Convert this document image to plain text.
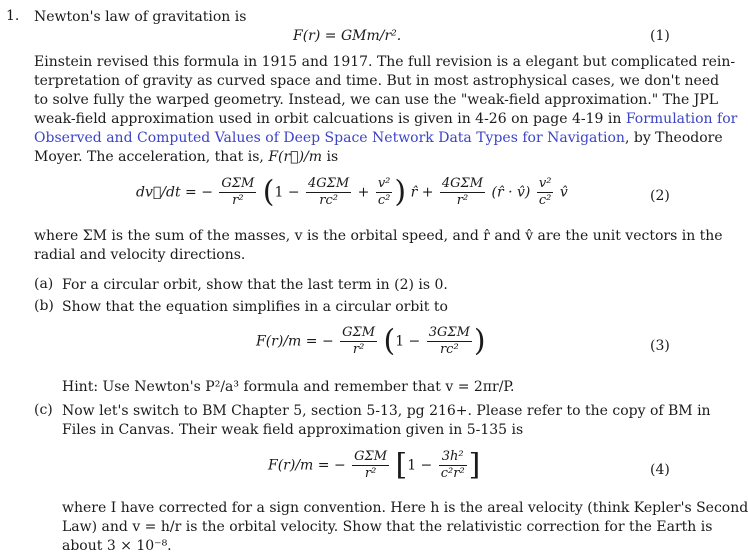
1. Newton's law of gravitation is
F(r) = GMm/r².	(1)
Einstein revised this formula in 1915 and 1917. The full revision is a elegant but complicated rein-
terpretation of gravity as curved space and time. But in most astrophysical cases, we don't need
to solve fully the warped geometry. Instead, we can use the "weak-field approximation." The JPL
weak-field approximation used in orbit calcuations is given in 4-26 on page 4-19 in Formulation for
Observed and Computed Values of Deep Space Network Data Types for Navigation, by Theodore
Moyer. The acceleration, that is, F(r⃗)/m is
dv⃗/dt = − $\frac{\text{GΣM}}{\text{r²}} (1 - \frac{\text{4GΣM}}{\text{rc²}} + \frac{\text{v²}}{\text{c²}}$ ) r̂ + $\frac{\text{4GΣM}}{\text{r²}}$ (r̂ · v̂) $\frac{\text{v²}}{\text{c²}}$ v̂	(2)
where ΣM is the sum of the masses, v is the orbital speed, and r̂ and v̂ are the unit vectors in the
radial and velocity directions.
(a) For a circular orbit, show that the last term in (2) is 0.
(b) Show that the equation simplifies in a circular orbit to
F(r)/m = − $\frac{\text{GΣM}}{\text{r²}} (1 - \frac{\text{3GΣM}}{\text{rc²}}$ )	(3)
Hint: Use Newton's P²/a³ formula and remember that v = 2πr/P.
(c) Now let's switch to BM Chapter 5, section 5-13, pg 216+. Please refer to the copy of BM in
Files in Canvas. Their weak field approximation given in 5-135 is
F(r)/m = − $\frac{\text{GΣM}}{\text{r²}} [1 - \frac{\text{3h²}}{\text{c²r²}}$ ]	(4)
where I have corrected for a sign convention. Here h is the areal velocity (think Kepler's Second
Law) and v = h/r is the orbital velocity. Show that the relativistic correction for the Earth is
about 3 × 10⁻⁸.
